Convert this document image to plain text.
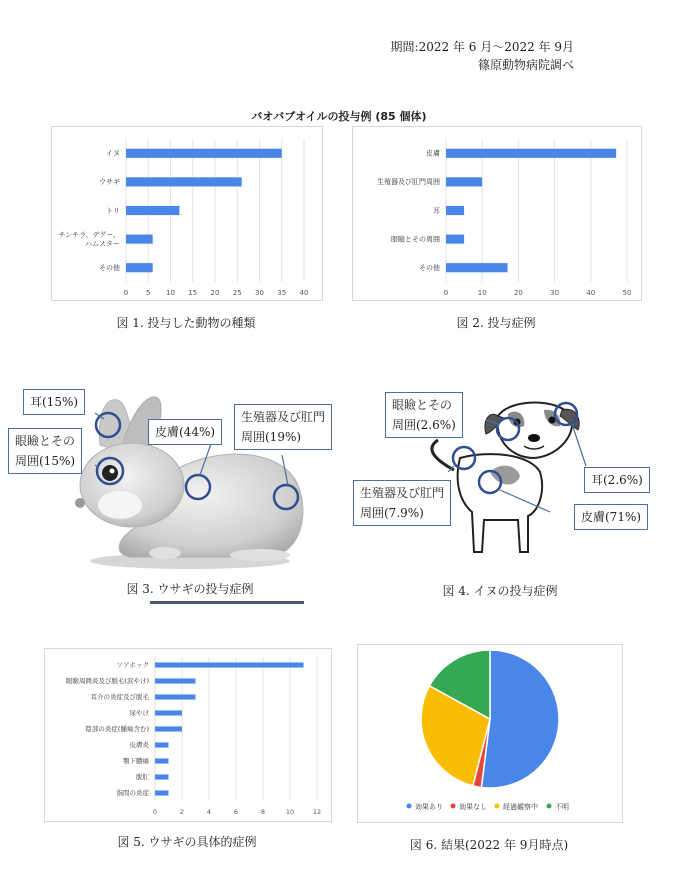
期間:2022 年 6 月～2022 年 9月
篠原動物病院調べ
バオバブオイルの投与例 (85 個体)
0	5 10 15 20 25 30 35 40
イヌ
ウサギ
トリ
チンチラ、デグー、ハムスター
その他
図 1. 投与した動物の種類
0	10	20	30	40	50
皮膚
生殖器及び肛門周囲
耳
眼瞼とその周囲
その他
図 2. 投与症例
耳(15%)
眼瞼とその
周囲(15%)
皮膚(44%)
生殖器及び肛門
周囲(19%)
図 3. ウサギの投与症例
眼瞼とその
周囲(2.6%)
耳(2.6%)
生殖器及び肛門
周囲(7.9%)	皮膚(71%)
図 4. イヌの投与症例
0	2	4	6	8	10	12
ソアホック
眼瞼周囲炎及び脱毛(涙やけ)
耳介の炎症及び脱毛
尿やけ
陰部の炎症(腫瘍含む)
皮膚炎
顎下膿瘍
脱肛
指間の炎症
図 5. ウサギの具体的症例
効果あり 効果なし 経過観察中 不明
図 6. 結果(2022 年 9月時点)
